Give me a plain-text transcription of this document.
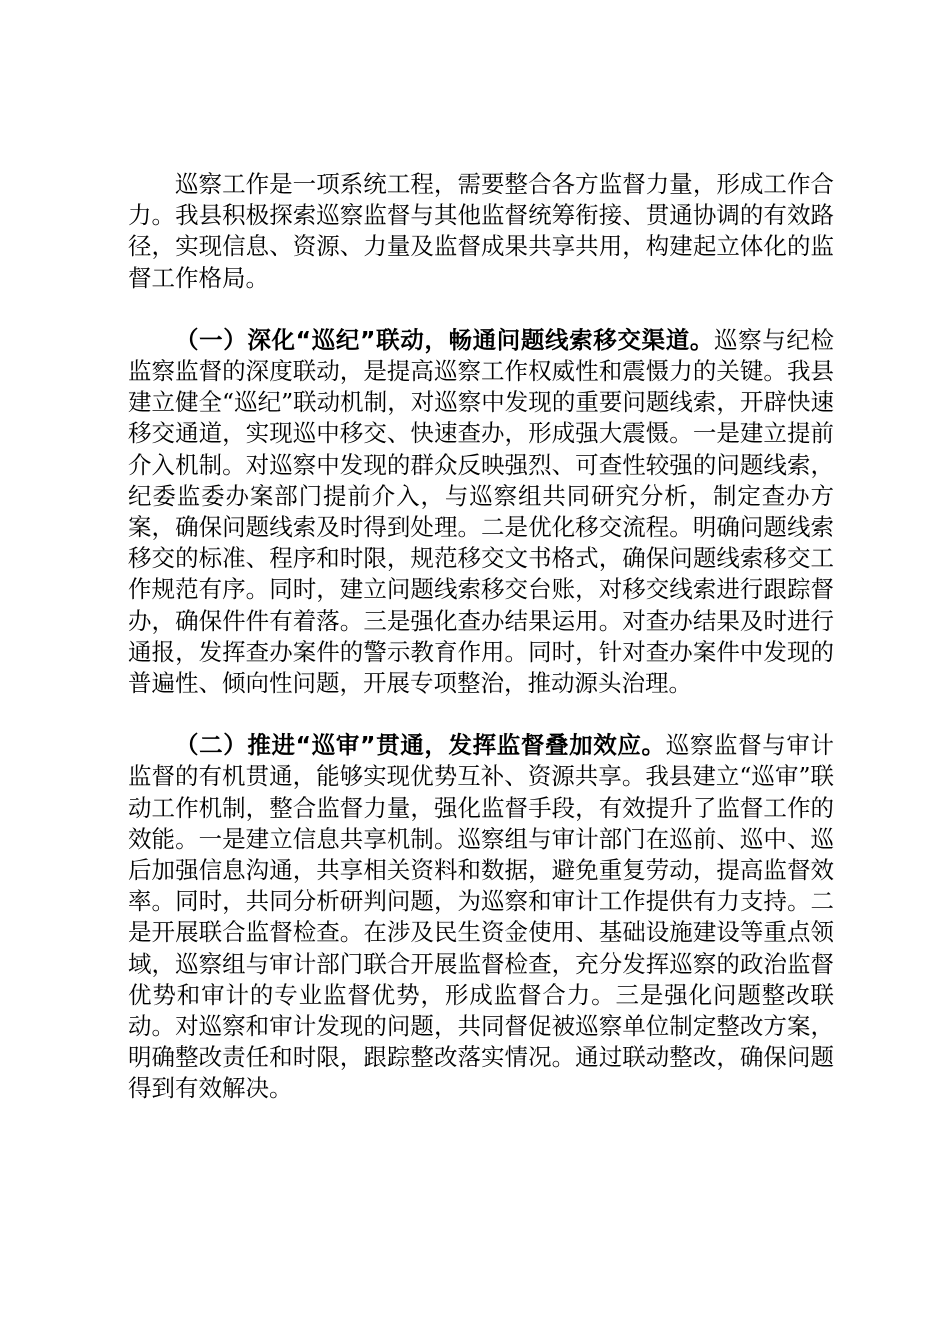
巡察工作是一项系统工程，需要整合各方监督力量，形成工作合力。我县积极探索巡察监督与其他监督统筹衔接、贯通协调的有效路径，实现信息、资源、力量及监督成果共享共用，构建起立体化的监督工作格局。

（一）深化“巡纪”联动，畅通问题线索移交渠道。巡察与纪检监察监督的深度联动，是提高巡察工作权威性和震慑力的关键。我县建立健全“巡纪”联动机制，对巡察中发现的重要问题线索，开辟快速移交通道，实现巡中移交、快速查办，形成强大震慑。一是建立提前介入机制。对巡察中发现的群众反映强烈、可查性较强的问题线索，纪委监委办案部门提前介入，与巡察组共同研究分析，制定查办方案，确保问题线索及时得到处理。二是优化移交流程。明确问题线索移交的标准、程序和时限，规范移交文书格式，确保问题线索移交工作规范有序。同时，建立问题线索移交台账，对移交线索进行跟踪督办，确保件件有着落。三是强化查办结果运用。对查办结果及时进行通报，发挥查办案件的警示教育作用。同时，针对查办案件中发现的普遍性、倾向性问题，开展专项整治，推动源头治理。

（二）推进“巡审”贯通，发挥监督叠加效应。巡察监督与审计监督的有机贯通，能够实现优势互补、资源共享。我县建立“巡审”联动工作机制，整合监督力量，强化监督手段，有效提升了监督工作的效能。一是建立信息共享机制。巡察组与审计部门在巡前、巡中、巡后加强信息沟通，共享相关资料和数据，避免重复劳动，提高监督效率。同时，共同分析研判问题，为巡察和审计工作提供有力支持。二是开展联合监督检查。在涉及民生资金使用、基础设施建设等重点领域，巡察组与审计部门联合开展监督检查，充分发挥巡察的政治监督优势和审计的专业监督优势，形成监督合力。三是强化问题整改联动。对巡察和审计发现的问题，共同督促被巡察单位制定整改方案，明确整改责任和时限，跟踪整改落实情况。通过联动整改，确保问题得到有效解决。
